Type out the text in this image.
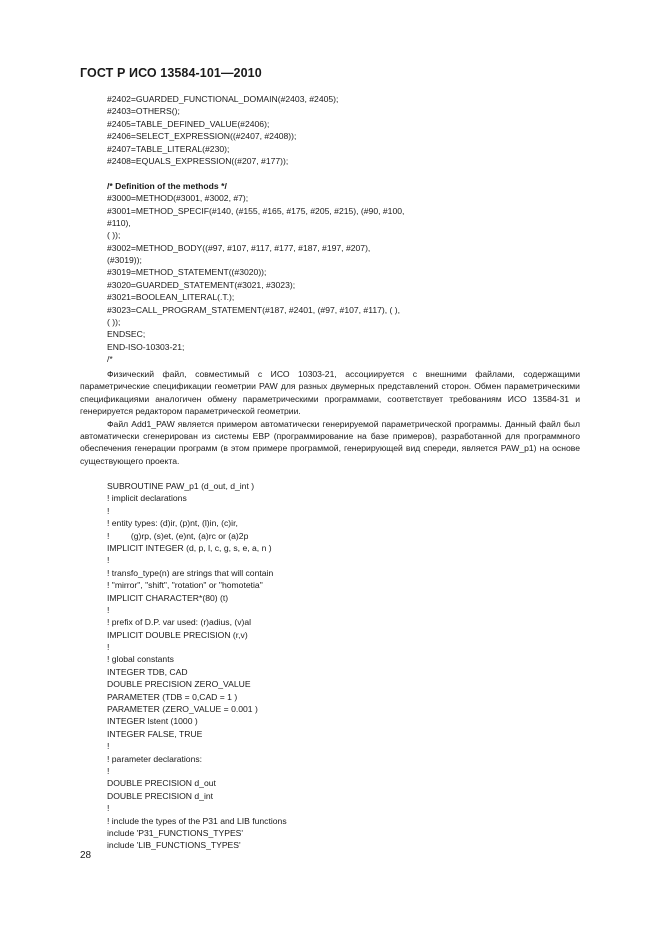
ГОСТ Р ИСО 13584-101—2010
#2402=GUARDED_FUNCTIONAL_DOMAIN(#2403, #2405);
#2403=OTHERS();
#2405=TABLE_DEFINED_VALUE(#2406);
#2406=SELECT_EXPRESSION((#2407, #2408));
#2407=TABLE_LITERAL(#230);
#2408=EQUALS_EXPRESSION((#207, #177));
/* Definition of the methods */
#3000=METHOD(#3001, #3002, #7);
#3001=METHOD_SPECIF(#140, (#155, #165, #175, #205, #215), (#90, #100,
#110),
( ));
#3002=METHOD_BODY((#97, #107, #117, #177, #187, #197, #207),
(#3019));
#3019=METHOD_STATEMENT((#3020));
#3020=GUARDED_STATEMENT(#3021, #3023);
#3021=BOOLEAN_LITERAL(.T.);
#3023=CALL_PROGRAM_STATEMENT(#187, #2401, (#97, #107, #117), ( ),
( ));
ENDSEC;
END-ISO-10303-21;
/*

Физический файл, совместимый с ИСО 10303-21, ассоциируется с внешними файлами, содержащими параметрические спецификации геометрии PAW для разных двумерных представлений сторон. Обмен параметрическими спецификациями аналогичен обмену параметрическими программами, соответствует требованиям ИСО 13584-31 и генерируется редактором параметрической геометрии.

Файл Add1_PAW является примером автоматически генерируемой параметрической программы. Данный файл был автоматически сгенерирован из системы EBP (программирование на базе примеров), разработанной для программного обеспечения генерации программ (в этом примере программой, генерирующей вид спереди, является PAW_p1) на основе существующего проекта.

SUBROUTINE PAW_p1 (d_out, d_int )
! implicit declarations
!
! entity types: (d)ir, (p)nt, (l)in, (c)ir,
!         (g)rp, (s)et, (e)nt, (a)rc or (a)2p
IMPLICIT INTEGER (d, p, l, c, g, s, e, a, n )
!
! transfo_type(n) are strings that will contain
! "mirror", "shift", "rotation" or "homotetia"
IMPLICIT CHARACTER*(80) (t)
!
! prefix of D.P. var used: (r)adius, (v)al
IMPLICIT DOUBLE PRECISION (r,v)
!
! global constants
INTEGER TDB, CAD
DOUBLE PRECISION ZERO_VALUE
PARAMETER (TDB = 0,CAD = 1 )
PARAMETER (ZERO_VALUE = 0.001 )
INTEGER lstent (1000 )
INTEGER FALSE, TRUE
!
! parameter declarations:
!
DOUBLE PRECISION d_out
DOUBLE PRECISION d_int
!
! include the types of the P31 and LIB functions
include 'P31_FUNCTIONS_TYPES'
include 'LIB_FUNCTIONS_TYPES'
28
